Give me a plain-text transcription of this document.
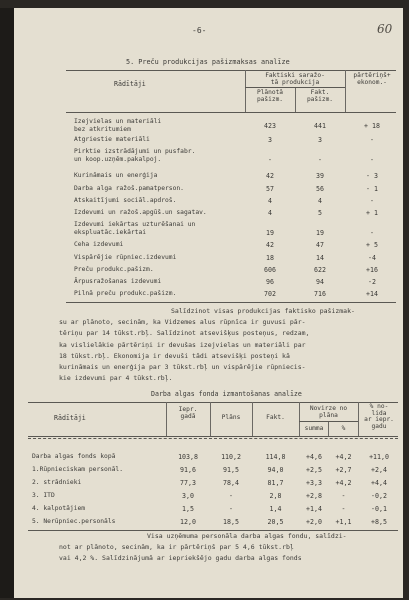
-6-	60
5. Preču produkcijas pašizmaksas analīze
Rādītāji
Faktiski saražo-
tā produkcija
Plānotā
pašizm.
Fakt.
pašizm.
pārtēriņš+
ekonom.-
Izejvielas un materiāli
bez atkritumiem	423	441	+ 18
Atgriestie materiāli	3	3	-
Pirktie izstrādājumi un pusfabr.
un koop.uzņēm.pakalpoj.	-	-	-
Kurināmais un enerģija	42	39	- 3
Darba alga ražoš.pamatperson.	57	56	- 1
Atskaitījumi sociāl.apdroš.	4	4	-
Izdevumi un ražoš.apgūš.un sagatav.	4	5	+ 1
Izdevumi iekārtas uzturēšanai un
ekspluatāc.iekārtai	19	19	-
Ceha izdevumi	42	47	+ 5
Vispārējie rūpniec.izdevumi	18	14	-4
Preču produkc.pašizm.	606	622	+16
Ārpusražošanas izdevumi	96	94	-2
Pilnā preču produkc.pašizm.	702	716	+14
Salīdzinot visas produkcijas faktisko pašizmak-
su ar plānoto, secinām, ka Vidzemes alus rūpnīca ir guvusi pār-
tēriņu par 14 tūkst.rbļ. Salīdzinot atsevišķus posteņus, redzam,
ka vislielākie pārtēriņi ir devušas izejvielas un materiāli par
18 tūkst.rbļ. Ekonomija ir devuši tādi atsevišķi posteņi kā
kurināmais un enerģija par 3 tūkst.rbļ un vispārējie rūpniecis-
kie izdevumi par 4 tūkst.rbļ.
Darba algas fonda izmantošanas analīze
Rādītāji
Iepr.
gadā	Plāns	Fakt.
Novirze no
plāna
summa	%
% no-
lida
ar iepr.
gadu
Darba algas fonds kopā	103,8	110,2	114,8	+4,6	+4,2	+11,0
1.Rūpnieciskam personāl.	91,6	91,5	94,0	+2,5	+2,7	+2,4
2. strādnieki	77,3	78,4	81,7	+3,3	+4,2	+4,4
3. ITD	3,0	-	2,8	+2,8	-	-0,2
4. kalpotājiem	1,5	-	1,4	+1,4	-	-0,1
5. Nerūpniec.personāls	12,0	18,5	20,5	+2,0	+1,1	+8,5
Visa uzņēmuma personāla darba algas fondu, salīdzi-
not ar plānoto, secinām, ka ir pārtēriņš par 5 4,6 tūkst.rbļ
vai 4,2 %. Salīdzinājumā ar iepriekšējo gadu darba algas fonds
